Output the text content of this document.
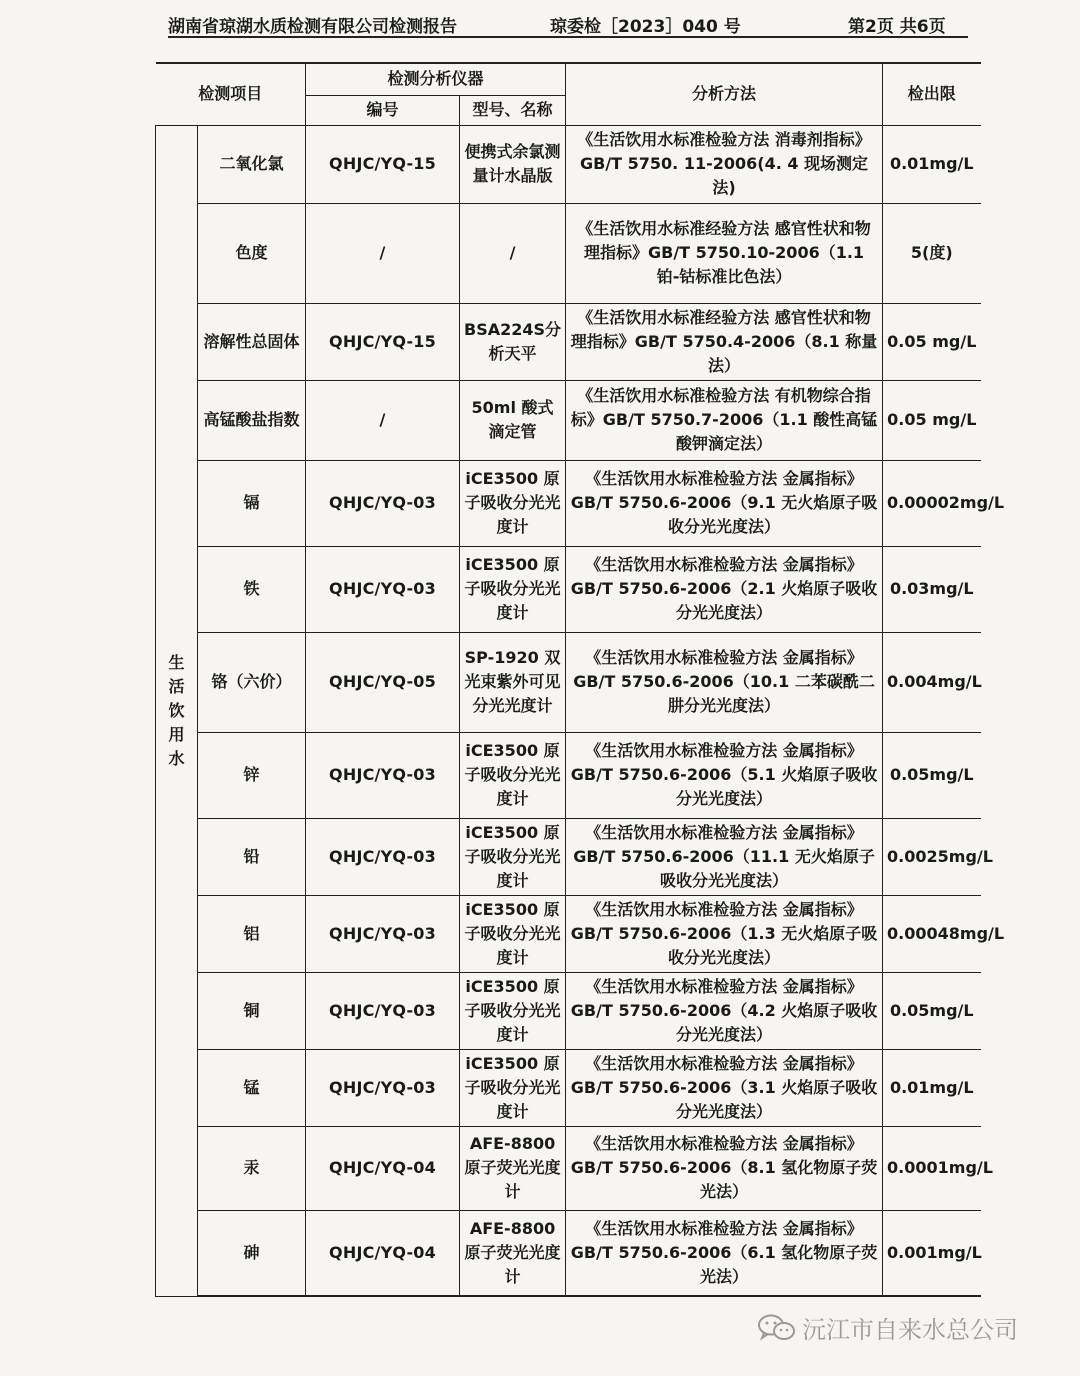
湖南省琼湖水质检测有限公司检测报告	琼委检［2023］040 号	第2页 共6页
检测项目		检测分析仪器		分析方法	检出限
		编号	型号、名称		

生活饮用水	二氧化氯	QHJC/YQ-15	便携式余氯测量计水晶版	《生活饮用水标准检验方法 消毒剂指标》GB/T 5750. 11-2006(4. 4 现场测定法)	0.01mg/L
	色度	/	/	《生活饮用水标准经验方法 感官性状和物理指标》GB/T 5750.10-2006（1.1 铂-钴标准比色法）	5(度)
	溶解性总固体	QHJC/YQ-15	BSA224S分析天平	《生活饮用水标准经验方法 感官性状和物理指标》GB/T 5750.4-2006（8.1 称量法）	0.05 mg/L
	高锰酸盐指数	/	50ml 酸式滴定管	《生活饮用水标准检验方法 有机物综合指标》GB/T 5750.7-2006（1.1 酸性高锰酸钾滴定法）	0.05 mg/L
	镉	QHJC/YQ-03	iCE3500 原子吸收分光光度计	《生活饮用水标准检验方法 金属指标》GB/T 5750.6-2006（9.1 无火焰原子吸收分光光度法）	0.00002mg/L
	铁	QHJC/YQ-03	iCE3500 原子吸收分光光度计	《生活饮用水标准检验方法 金属指标》GB/T 5750.6-2006（2.1 火焰原子吸收分光光度法）	0.03mg/L
	铬（六价）	QHJC/YQ-05	SP-1920 双光束紫外可见分光光度计	《生活饮用水标准检验方法 金属指标》GB/T 5750.6-2006（10.1 二苯碳酰二肼分光光度法）	0.004mg/L
	锌	QHJC/YQ-03	iCE3500 原子吸收分光光度计	《生活饮用水标准检验方法 金属指标》GB/T 5750.6-2006（5.1 火焰原子吸收分光光度法）	0.05mg/L
	铅	QHJC/YQ-03	iCE3500 原子吸收分光光度计	《生活饮用水标准检验方法 金属指标》GB/T 5750.6-2006（11.1 无火焰原子吸收分光光度法）	0.0025mg/L
	铝	QHJC/YQ-03	iCE3500 原子吸收分光光度计	《生活饮用水标准检验方法 金属指标》GB/T 5750.6-2006（1.3 无火焰原子吸收分光光度法）	0.00048mg/L
	铜	QHJC/YQ-03	iCE3500 原子吸收分光光度计	《生活饮用水标准检验方法 金属指标》GB/T 5750.6-2006（4.2 火焰原子吸收分光光度法）	0.05mg/L
	锰	QHJC/YQ-03	iCE3500 原子吸收分光光度计	《生活饮用水标准检验方法 金属指标》GB/T 5750.6-2006（3.1 火焰原子吸收分光光度法）	0.01mg/L
	汞	QHJC/YQ-04	AFE-8800 原子荧光光度计	《生活饮用水标准检验方法 金属指标》GB/T 5750.6-2006（8.1 氢化物原子荧光法）	0.0001mg/L
	砷	QHJC/YQ-04	AFE-8800 原子荧光光度计	《生活饮用水标准检验方法 金属指标》GB/T 5750.6-2006（6.1 氢化物原子荧光法）	0.001mg/L
沅江市自来水总公司
